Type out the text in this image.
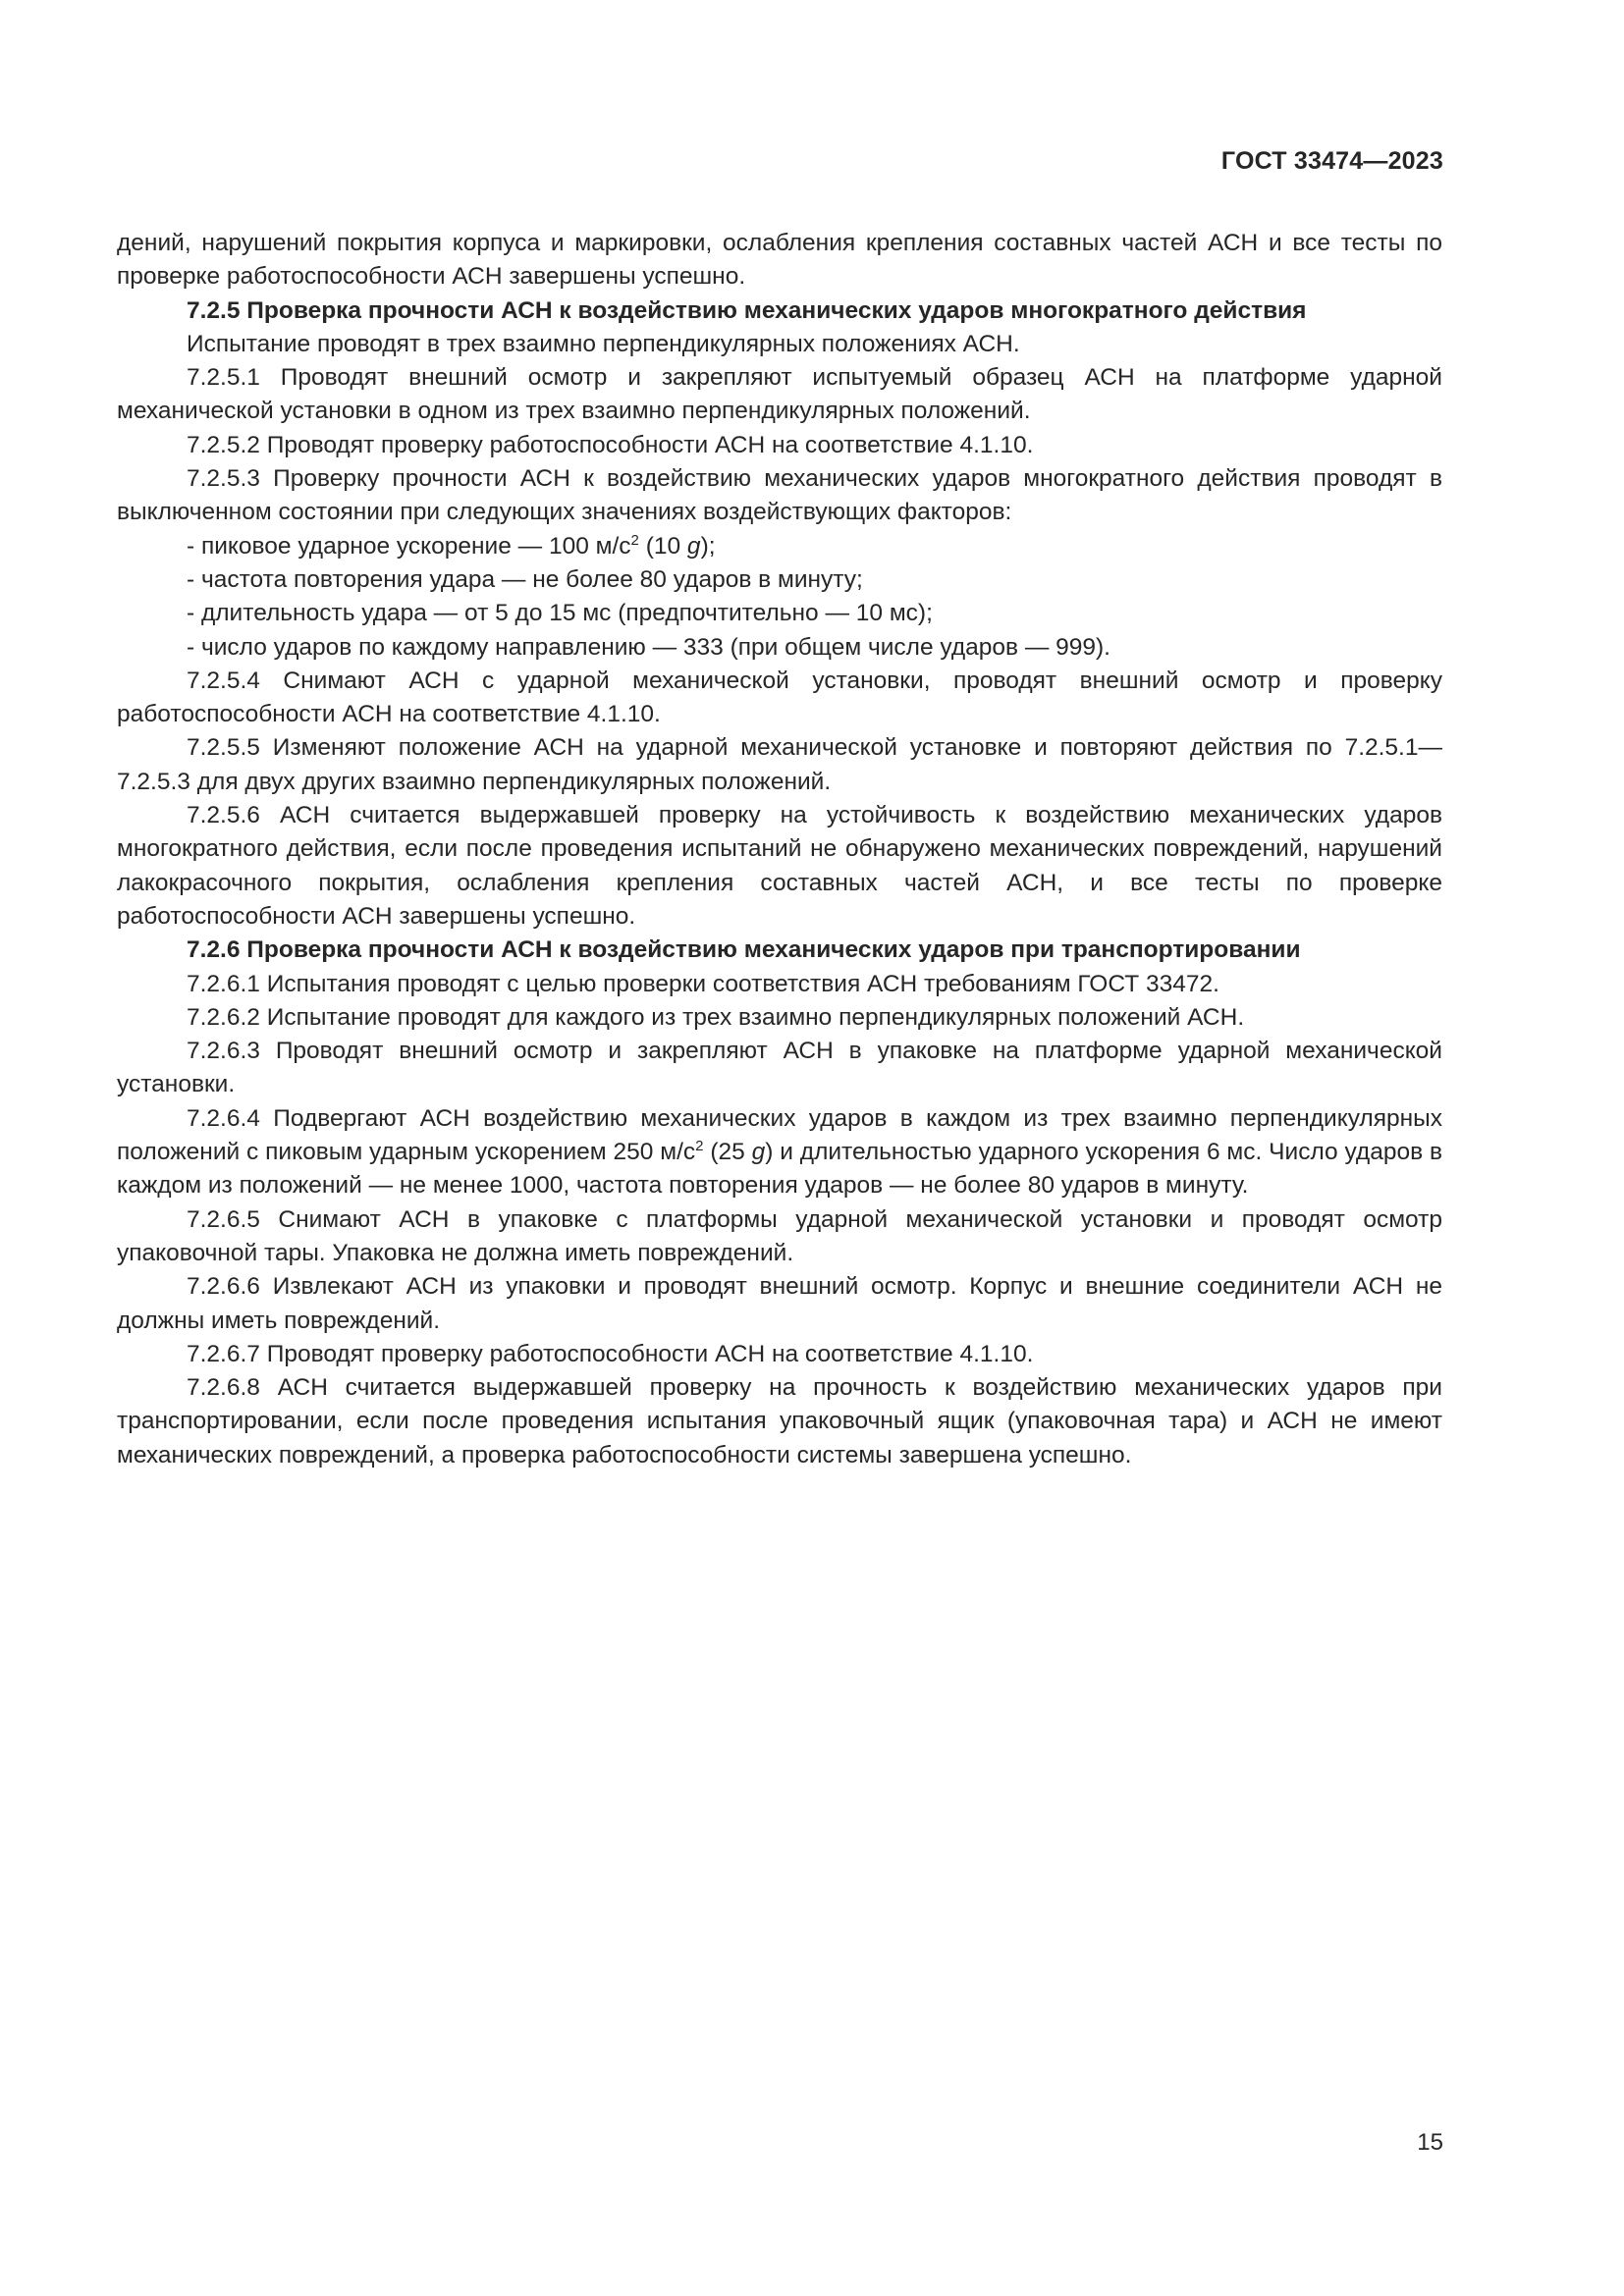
ГОСТ 33474—2023

дений, нарушений покрытия корпуса и маркировки, ослабления крепления составных частей АСН и все тесты по проверке работоспособности АСН завершены успешно.

7.2.5 Проверка прочности АСН к воздействию механических ударов многократного действия

Испытание проводят в трех взаимно перпендикулярных положениях АСН.

7.2.5.1 Проводят внешний осмотр и закрепляют испытуемый образец АСН на платформе ударной механической установки в одном из трех взаимно перпендикулярных положений.

7.2.5.2 Проводят проверку работоспособности АСН на соответствие 4.1.10.

7.2.5.3 Проверку прочности АСН к воздействию механических ударов многократного действия проводят в выключенном состоянии при следующих значениях воздействующих факторов:

- пиковое ударное ускорение — 100 $м/с^2$ (10 g);

- частота повторения удара — не более 80 ударов в минуту;

- длительность удара — от 5 до 15 мс (предпочтительно — 10 мс);

- число ударов по каждому направлению — 333 (при общем числе ударов — 999).

7.2.5.4 Снимают АСН с ударной механической установки, проводят внешний осмотр и проверку работоспособности АСН на соответствие 4.1.10.

7.2.5.5 Изменяют положение АСН на ударной механической установке и повторяют действия по 7.2.5.1—7.2.5.3 для двух других взаимно перпендикулярных положений.

7.2.5.6 АСН считается выдержавшей проверку на устойчивость к воздействию механических ударов многократного действия, если после проведения испытаний не обнаружено механических повреждений, нарушений лакокрасочного покрытия, ослабления крепления составных частей АСН, и все тесты по проверке работоспособности АСН завершены успешно.

7.2.6 Проверка прочности АСН к воздействию механических ударов при транспортировании

7.2.6.1 Испытания проводят с целью проверки соответствия АСН требованиям ГОСТ 33472.

7.2.6.2 Испытание проводят для каждого из трех взаимно перпендикулярных положений АСН.

7.2.6.3 Проводят внешний осмотр и закрепляют АСН в упаковке на платформе ударной механической установки.

7.2.6.4 Подвергают АСН воздействию механических ударов в каждом из трех взаимно перпендикулярных положений с пиковым ударным ускорением 250 $м/с^2$ (25 g) и длительностью ударного ускорения 6 мс. Число ударов в каждом из положений — не менее 1000, частота повторения ударов — не более 80 ударов в минуту.

7.2.6.5 Снимают АСН в упаковке с платформы ударной механической установки и проводят осмотр упаковочной тары. Упаковка не должна иметь повреждений.

7.2.6.6 Извлекают АСН из упаковки и проводят внешний осмотр. Корпус и внешние соединители АСН не должны иметь повреждений.

7.2.6.7 Проводят проверку работоспособности АСН на соответствие 4.1.10.

7.2.6.8 АСН считается выдержавшей проверку на прочность к воздействию механических ударов при транспортировании, если после проведения испытания упаковочный ящик (упаковочная тара) и АСН не имеют механических повреждений, а проверка работоспособности системы завершена успешно.

15
